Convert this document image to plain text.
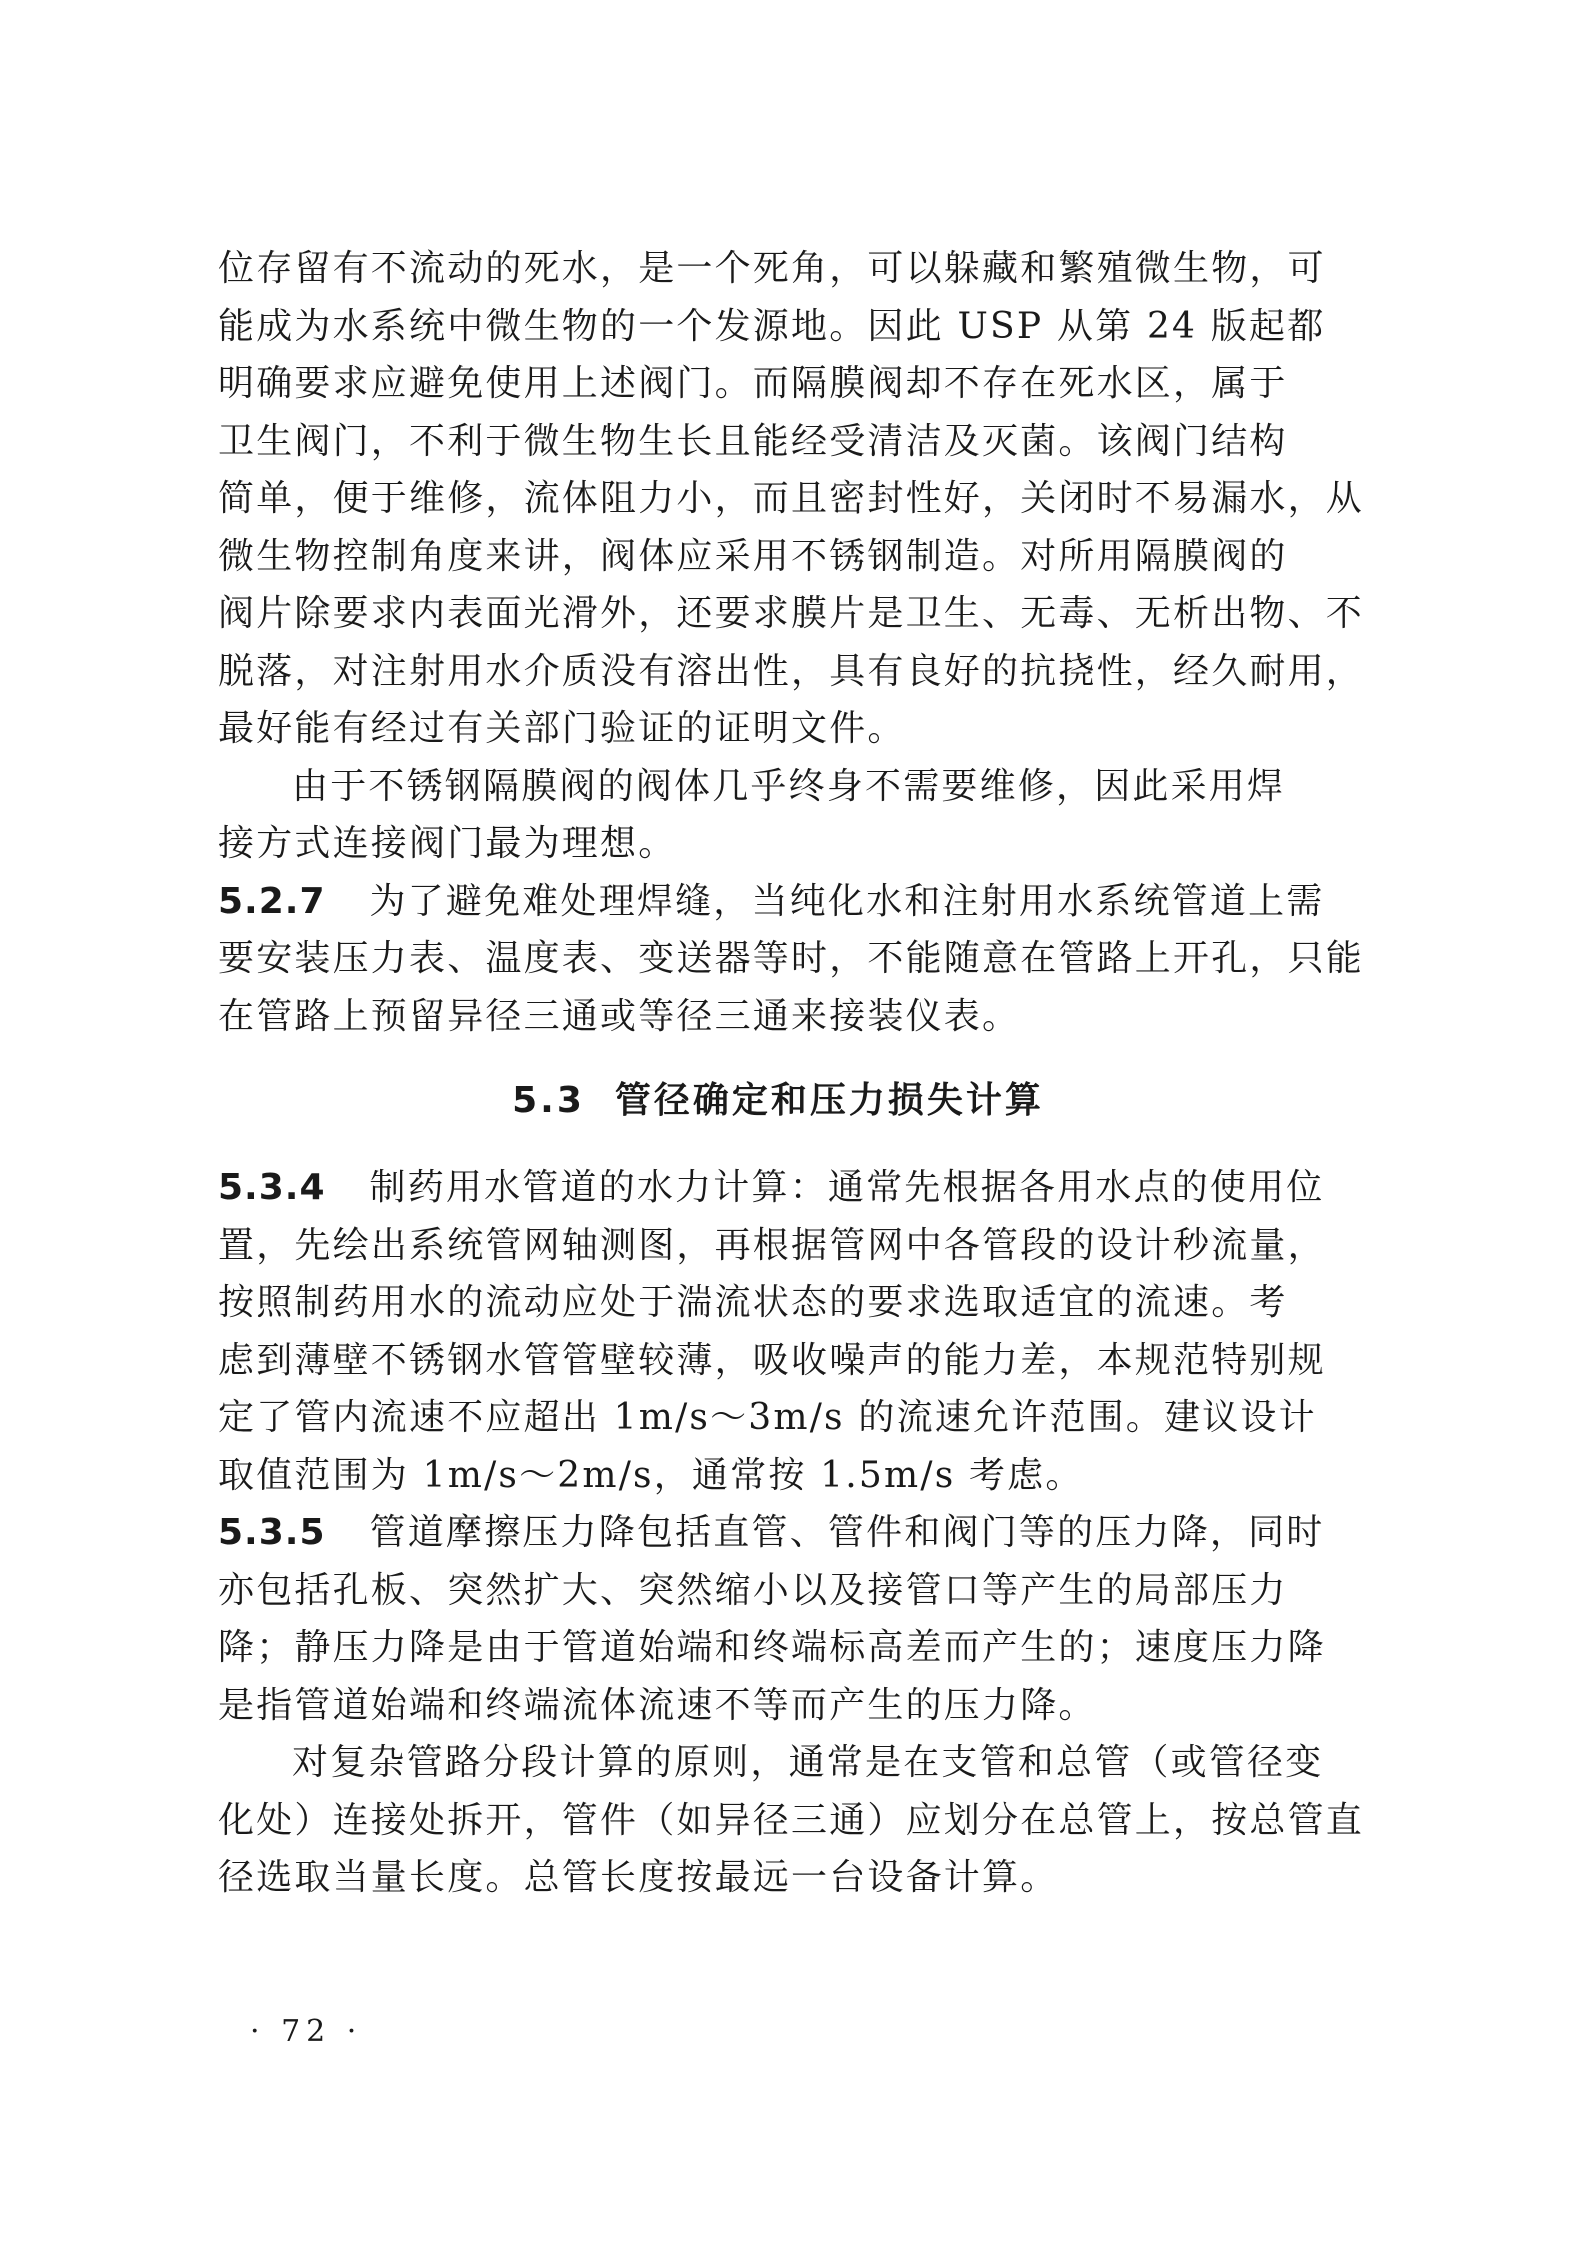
位存留有不流动的死水，是一个死角，可以躲藏和繁殖微生物，可
能成为水系统中微生物的一个发源地。因此 USP 从第 24 版起都
明确要求应避免使用上述阀门。而隔膜阀却不存在死水区，属于
卫生阀门，不利于微生物生长且能经受清洁及灭菌。该阀门结构
简单，便于维修，流体阻力小，而且密封性好，关闭时不易漏水，从
微生物控制角度来讲，阀体应采用不锈钢制造。对所用隔膜阀的
阀片除要求内表面光滑外，还要求膜片是卫生、无毒、无析出物、不
脱落，对注射用水介质没有溶出性，具有良好的抗挠性，经久耐用，
最好能有经过有关部门验证的证明文件。
由于不锈钢隔膜阀的阀体几乎终身不需要维修，因此采用焊
接方式连接阀门最为理想。
5.2.7 为了避免难处理焊缝，当纯化水和注射用水系统管道上需
要安装压力表、温度表、变送器等时，不能随意在管路上开孔，只能
在管路上预留异径三通或等径三通来接装仪表。
5.3 管径确定和压力损失计算
5.3.4 制药用水管道的水力计算：通常先根据各用水点的使用位
置，先绘出系统管网轴测图，再根据管网中各管段的设计秒流量，
按照制药用水的流动应处于湍流状态的要求选取适宜的流速。考
虑到薄壁不锈钢水管管壁较薄，吸收噪声的能力差，本规范特别规
定了管内流速不应超出 1m/s～3m/s 的流速允许范围。建议设计
取值范围为 1m/s～2m/s，通常按 1.5m/s 考虑。
5.3.5 管道摩擦压力降包括直管、管件和阀门等的压力降，同时
亦包括孔板、突然扩大、突然缩小以及接管口等产生的局部压力
降；静压力降是由于管道始端和终端标高差而产生的；速度压力降
是指管道始端和终端流体流速不等而产生的压力降。
对复杂管路分段计算的原则，通常是在支管和总管（或管径变
化处）连接处拆开，管件（如异径三通）应划分在总管上，按总管直
径选取当量长度。总管长度按最远一台设备计算。
· 72 ·
